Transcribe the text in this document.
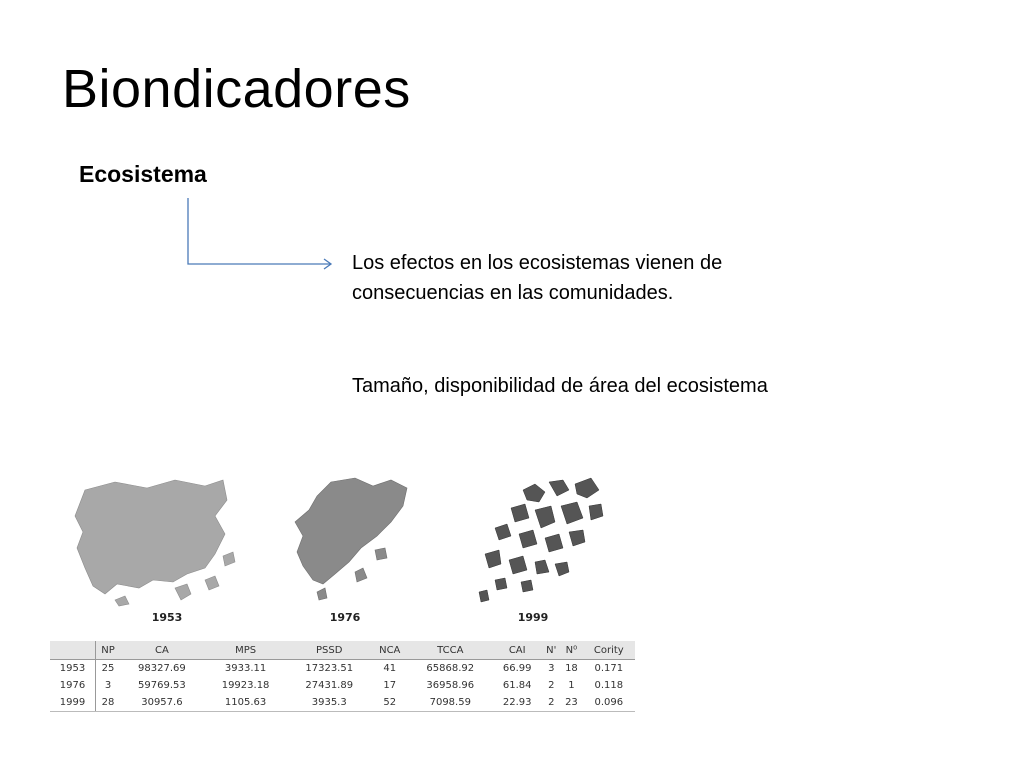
Biondicadores
Ecosistema
Los efectos en los ecosistemas vienen de consecuencias en las comunidades.
Tamaño, disponibilidad de área del ecosistema
1953	1976	1999
	NP	CA	MPS	PSSD	NCA	TCCA	CAI	N'	N⁰	Cority
1953	25	98327.69	3933.11	17323.51	41	65868.92	66.99	3	18	0.171
1976	3	59769.53	19923.18	27431.89	17	36958.96	61.84	2	1	0.118
1999	28	30957.6	1105.63	3935.3	52	7098.59	22.93	2	23	0.096
